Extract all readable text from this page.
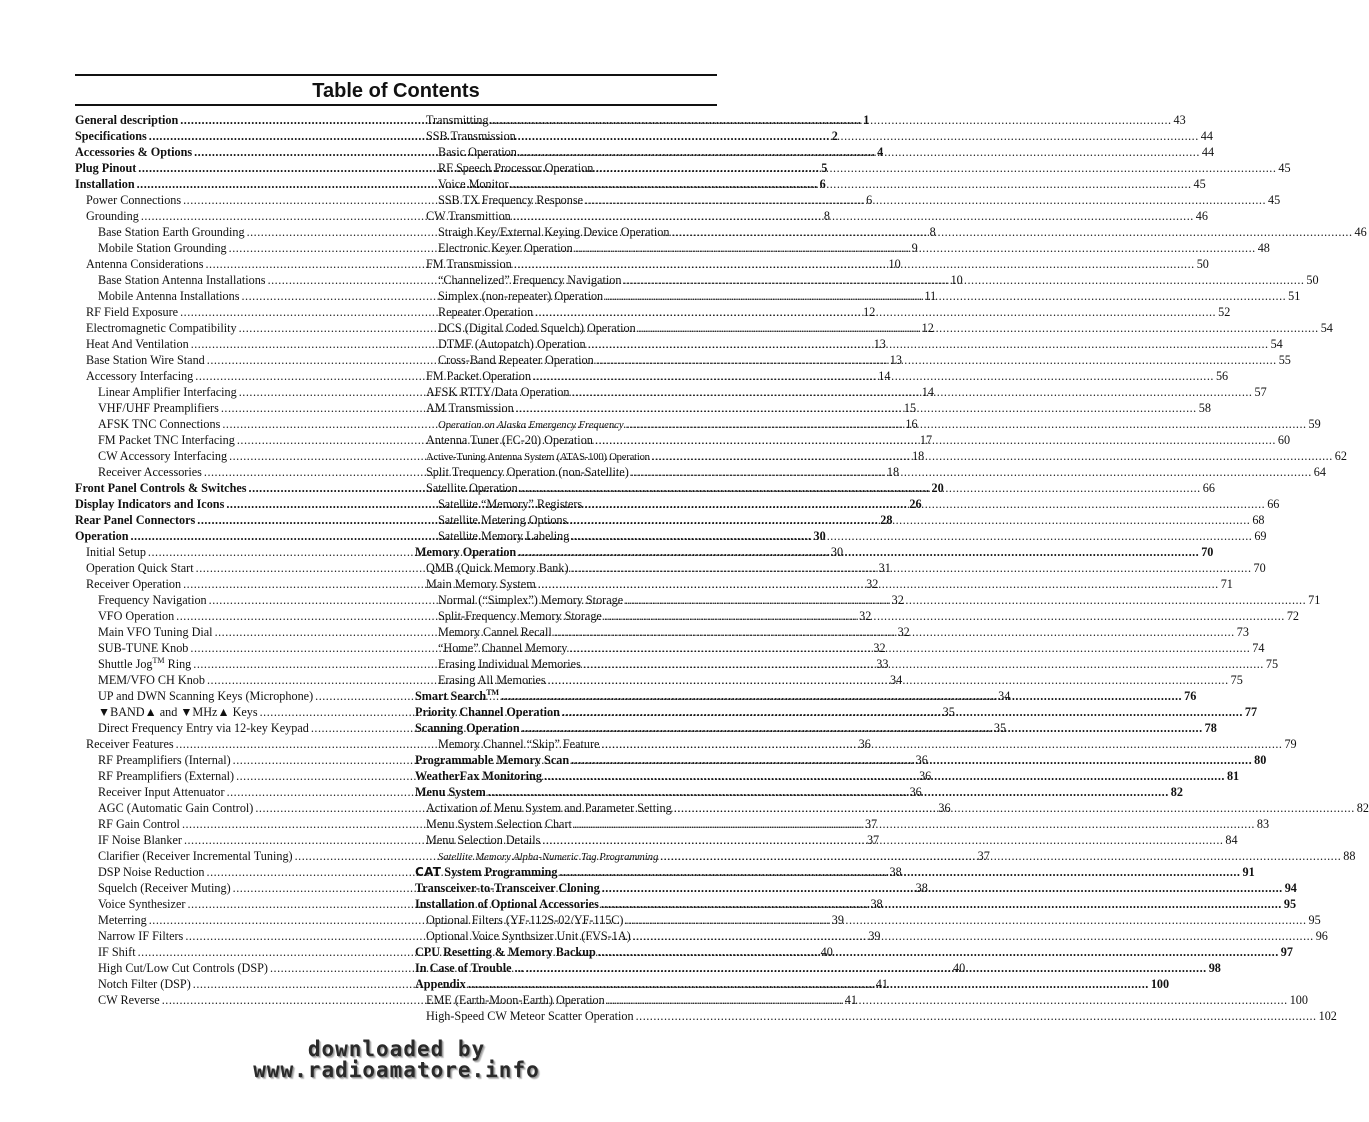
Table of Contents
General description .....	1
Specifications .....	2
Accessories & Options .....	4
Plug Pinout .....	5
Installation .....	6
Power Connections .....	6
Grounding .....	8
Base Station Earth Grounding .....	8
Mobile Station Grounding .....	9
Antenna Considerations .....	10
Base Station Antenna Installations .....	10
Mobile Antenna Installations .....	11
RF Field Exposure .....	12
Electromagnetic Compatibility .....	12
Heat And Ventilation .....	13
Base Station Wire Stand .....	13
Accessory Interfacing .....	14
Linear Amplifier Interfacing .....	14
VHF/UHF Preamplifiers .....	15
AFSK TNC Connections .....	16
FM Packet TNC Interfacing .....	17
CW Accessory Interfacing .....	18
Receiver Accessories .....	18
Front Panel Controls & Switches .....	20
Display Indicators and Icons .....	26
Rear Panel Connectors .....	28
Operation .....	30
Initial Setup .....	30
Operation Quick Start .....	31
Receiver Operation .....	32
Frequency Navigation .....	32
VFO Operation .....	32
Main VFO Tuning Dial .....	32
SUB-TUNE Knob .....	32
Shuttle Jog™ Ring .....	33
MEM/VFO CH Knob .....	34
UP and DWN Scanning Keys (Microphone) .....	34
▼BAND▲ and ▼MHz▲ Keys .....	35
Direct Frequency Entry via 12-key Keypad .....	35
Receiver Features .....	36
RF Preamplifiers (Internal) .....	36
RF Preamplifiers (External) .....	36
Receiver Input Attenuator .....	36
AGC (Automatic Gain Control) .....	36
RF Gain Control .....	37
IF Noise Blanker .....	37
Clarifier (Receiver Incremental Tuning) .....	37
DSP Noise Reduction .....	38
Squelch (Receiver Muting) .....	38
Voice Synthesizer .....	38
Meterring .....	39
Narrow IF Filters .....	39
IF Shift .....	40
High Cut/Low Cut Controls (DSP) .....	40
Notch Filter (DSP) .....	41
CW Reverse .....	41
Transmitting .....	43
SSB Transmission .....	44
Basic Operation .....	44
RF Speech Processor Operation .....	45
Voice Monitor .....	45
SSB TX Frequency Response .....	45
CW Transmittion .....	46
Straigh Key/External Keying Device Operation .....	46
Electronic Keyer Operation .....	48
FM Transmission .....	50
“Channelized” Frequency Navigation .....	50
Simplex (non-repeater) Operation .....	51
Repeater Operation .....	52
DCS (Digital Coded Squelch) Operation .....	54
DTMF (Autopatch) Operation .....	54
Cross-Band Repeater Operation .....	55
FM Packet Operation .....	56
AFSK RTTY/Data Operation .....	57
AM Transmission .....	58
Operation on Alaska Emergency Frequency .....	59
Antenna Tuner (FC-20) Operation .....	60
Active-Tuning Antenna System (ATAS-100) Operation .....	62
Split Trequency Operation (non-Satellite) .....	64
Satellite Operation .....	66
Satellite “Memory” Registers .....	66
Satellite Metering Options .....	68
Satellite Memory Labeling .....	69
Memory Operation .....	70
QMB (Quick Memory Bank) .....	70
Main Memory System .....	71
Normal (“Simplex”) Memory Storage .....	71
Split-Frequency Memory Storage .....	72
Memory Cannel Recall .....	73
“Home” Channel Memory .....	74
Erasing Individual Memories .....	75
Erasing All Memories .....	75
Smart Search™ .....	76
Priority Channel Operation .....	77
Scanning Operation .....	78
Memory Channel “Skip” Feature .....	79
Programmable Memory Scan .....	80
WeatherFax Monitoring .....	81
Menu System .....	82
Activation of Menu System and Parameter Setting .....	82
Menu System Selection Chart .....	83
Menu Selection Details .....	84
Satellite Memory Alpha-Numeric Tag Programming .....	88
CAT System Programming .....	91
Transceiver-to-Transceiver Cloning .....	94
Installation of Optional Accessories .....	95
Optional Filters (YF-112S-02/YF-115C) .....	95
Optional Voice Synthsizer Unit (FVS-1A) .....	96
CPU Resetting & Memory Backup .....	97
In Case of Trouble ... .....	98
Appendix .....	100
EME (Earth-Moon-Earth) Operation .....	100
High-Speed CW Meteor Scatter Operation .....	102
downloaded by
www.radioamatore.info
